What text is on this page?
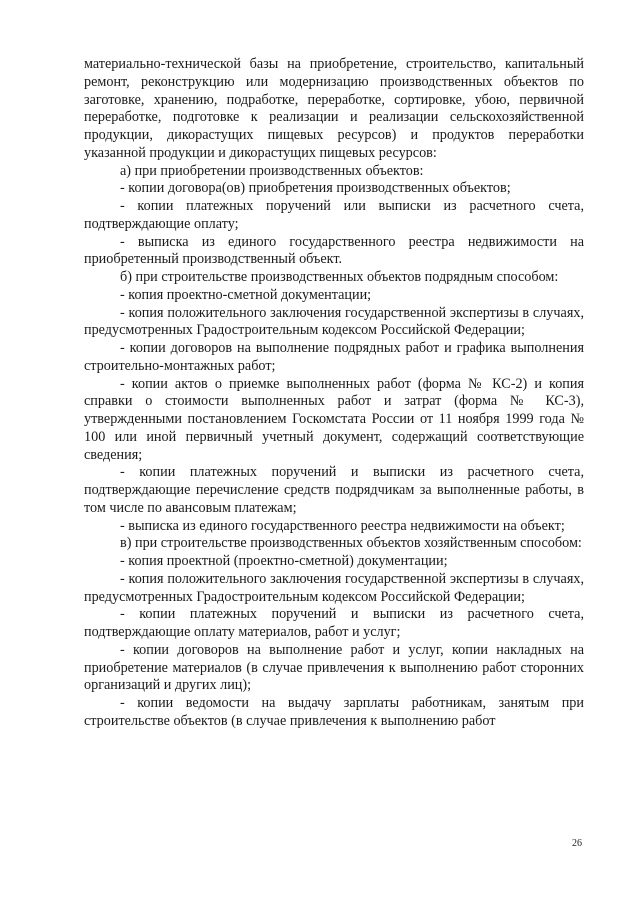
материально-технической базы на приобретение, строительство, капитальный ремонт, реконструкцию или модернизацию производственных объектов по заготовке, хранению, подработке, переработке, сортировке, убою, первичной переработке, подготовке к реализации и реализации сельскохозяйственной продукции, дикорастущих пищевых ресурсов) и продуктов переработки указанной продукции и дикорастущих пищевых ресурсов:

а) при приобретении производственных объектов:

- копии договора(ов) приобретения производственных объектов;

- копии платежных поручений или выписки из расчетного счета, подтверждающие оплату;

- выписка из единого государственного реестра недвижимости на приобретенный производственный объект.

б) при строительстве производственных объектов подрядным способом:

- копия проектно-сметной документации;

- копия положительного заключения государственной экспертизы в случаях, предусмотренных Градостроительным кодексом Российской Федерации;

- копии договоров на выполнение подрядных работ и графика выполнения строительно-монтажных работ;

- копии актов о приемке выполненных работ (форма № КС-2) и копия справки о стоимости выполненных работ и затрат (форма № КС-3), утвержденными постановлением Госкомстата России от 11 ноября 1999 года № 100 или иной первичный учетный документ, содержащий соответствующие сведения;

- копии платежных поручений и выписки из расчетного счета, подтверждающие перечисление средств подрядчикам за выполненные работы, в том числе по авансовым платежам;

- выписка из единого государственного реестра недвижимости на объект;

в) при строительстве производственных объектов хозяйственным способом:

- копия проектной (проектно-сметной) документации;

- копия положительного заключения государственной экспертизы в случаях, предусмотренных Градостроительным кодексом Российской Федерации;

- копии платежных поручений и выписки из расчетного счета, подтверждающие оплату материалов, работ и услуг;

- копии договоров на выполнение работ и услуг, копии накладных на приобретение материалов (в случае привлечения к выполнению работ сторонних организаций и других лиц);

- копии ведомости на выдачу зарплаты работникам, занятым при строительстве объектов (в случае привлечения к выполнению работ

26
